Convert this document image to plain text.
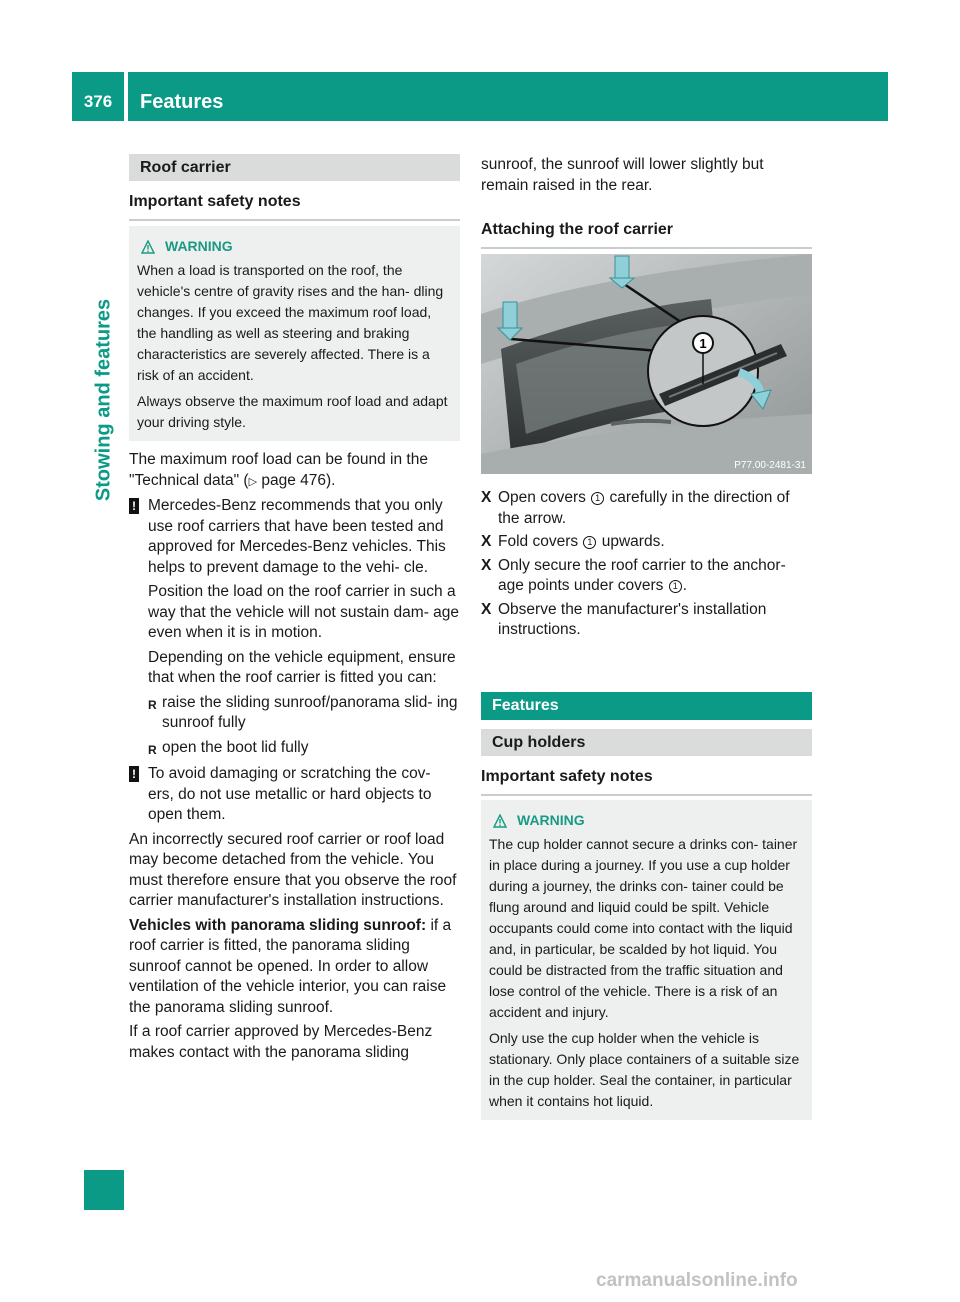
376	Features
Stowing and features
Roof carrier
Important safety notes
WARNING

When a load is transported on the roof, the vehicle's centre of gravity rises and the han- dling changes. If you exceed the maximum roof load, the handling as well as steering and braking characteristics are severely affected. There is a risk of an accident.

Always observe the maximum roof load and adapt your driving style.

The maximum roof load can be found in the "Technical data" (▷ page 476).

! Mercedes-Benz recommends that you only use roof carriers that have been tested and approved for Mercedes-Benz vehicles. This helps to prevent damage to the vehi- cle.

Position the load on the roof carrier in such a way that the vehicle will not sustain dam- age even when it is in motion.

Depending on the vehicle equipment, ensure that when the roof carrier is fitted you can:

R raise the sliding sunroof/panorama slid- ing sunroof fully
R open the boot lid fully
! To avoid damaging or scratching the cov- ers, do not use metallic or hard objects to open them.

An incorrectly secured roof carrier or roof load may become detached from the vehicle. You must therefore ensure that you observe the roof carrier manufacturer's installation instructions.

Vehicles with panorama sliding sunroof: if a roof carrier is fitted, the panorama sliding sunroof cannot be opened. In order to allow ventilation of the vehicle interior, you can raise the panorama sliding sunroof.

If a roof carrier approved by Mercedes-Benz makes contact with the panorama sliding

sunroof, the sunroof will lower slightly but remain raised in the rear.
Attaching the roof carrier
1
P77.00-2481-31
X Open covers 1 carefully in the direction of the arrow.
X Fold covers 1 upwards.
X Only secure the roof carrier to the anchor- age points under covers 1 .
X Observe the manufacturer's installation instructions.
Features
Cup holders
Important safety notes
WARNING

The cup holder cannot secure a drinks con- tainer in place during a journey. If you use a cup holder during a journey, the drinks con- tainer could be flung around and liquid could be spilt. Vehicle occupants could come into contact with the liquid and, in particular, be scalded by hot liquid. You could be distracted from the traffic situation and lose control of the vehicle. There is a risk of an accident and injury.

Only use the cup holder when the vehicle is stationary. Only place containers of a suitable size in the cup holder. Seal the container, in particular when it contains hot liquid.

carmanualsonline.info
